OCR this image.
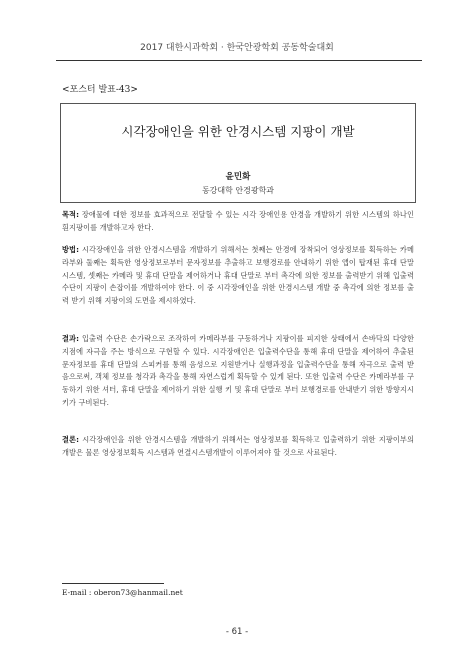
2017 대한시과학회 · 한국안광학회 공동학술대회
<포스터 발표-43>
시각장애인을 위한 안경시스템 지팡이 개발
윤민화
동강대학 안경광학과
목적: 장애물에 대한 정보를 효과적으로 전달할 수 있는 시각 장애인용 안경을 개발하기 위한 시스템의 하나인 흰지팡이를 개발하고자 한다.
방법: 시각장애인을 위한 안경시스템을 개발하기 위해서는 첫째는 안경에 장착되어 영상정보를 획득하는 카메라부와 둘째는 획득한 영상정보로부터 문자정보를 추출하고 보행경로를 안내하기 위한 앱이 탑재된 휴대 단말시스템, 셋째는 카메라 및 휴대 단말을 제어하거나 휴대 단말로 부터 촉각에 의한 정보를 출력받기 위해 입출력수단이 지팡이 손잡이를 개발하여야 한다. 이 중 시각장애인을 위한 안경시스템 개발 중 촉각에 의한 정보를 출력 받기 위해 지팡이의 도면을 제시하였다.
결과: 입출력 수단은 손가락으로 조작하여 카메라부를 구동하거나 지팡이를 피지한 상태에서 손바닥의 다양한 지점에 자극을 주는 방식으로 구현할 수 있다. 시각장애인은 입출력수단을 통해 휴대 단말을 제어하여 추출된 문자정보를 휴대 단말의 스피커를 통해 음성으로 지원받거나 실행과정을 입출력수단을 통해 자극으로 출력 받음으로써, 객체 정보를 청각과 촉각을 통해 자연스럽게 획득할 수 있게 된다. 또한 입출력 수단은 카메라부를 구동하기 위한 셔터, 휴대 단말을 제어하기 위한 실행 키 및 휴대 단말로 부터 보행경로를 안내받기 위한 방향지시 키가 구비된다.
결론: 시각장애인을 위한 안경시스템을 개발하기 위해서는 영상정보를 획득하고 입출력하기 위한 지팡이부의 개발은 물론 영상정보획득 시스템과 연결시스템개발이 이루어져야 할 것으로 사료된다.
E-mail : oberon73@hanmail.net
- 61 -
